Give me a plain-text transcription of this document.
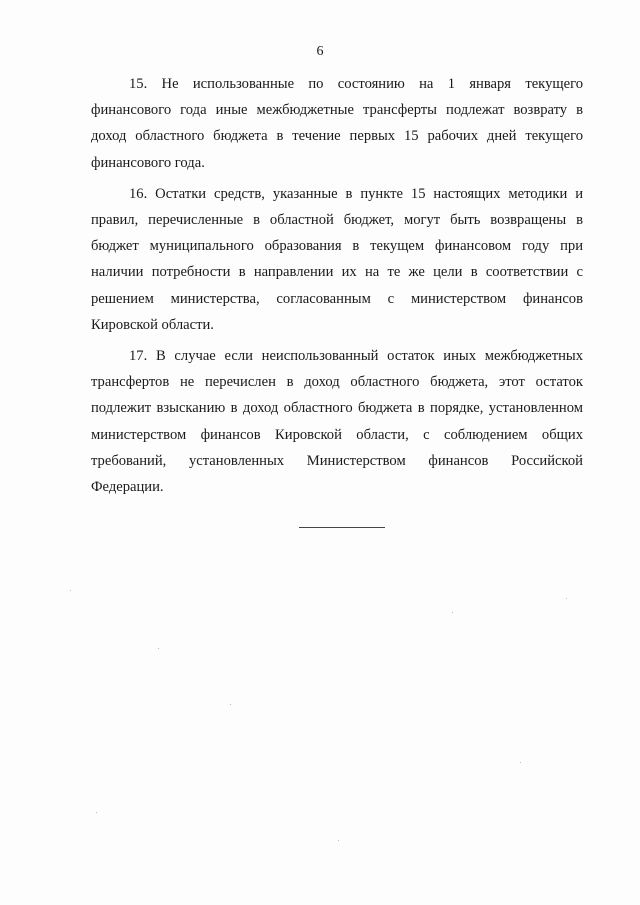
6
15. Не использованные по состоянию на 1 января текущего
финансового года иные межбюджетные трансферты подлежат возврату в
доход областного бюджета в течение первых 15 рабочих дней текущего
финансового года.
16. Остатки средств, указанные в пункте 15 настоящих методики и
правил, перечисленные в областной бюджет, могут быть возвращены в
бюджет муниципального образования в текущем финансовом году при
наличии потребности в направлении их на те же цели в соответствии с
решением министерства, согласованным с министерством финансов
Кировской области.
17. В случае если неиспользованный остаток иных межбюджетных
трансфертов не перечислен в доход областного бюджета, этот остаток
подлежит взысканию в доход областного бюджета в порядке, установленном
министерством финансов Кировской области, с соблюдением общих
требований, установленных Министерством финансов Российской
Федерации.
